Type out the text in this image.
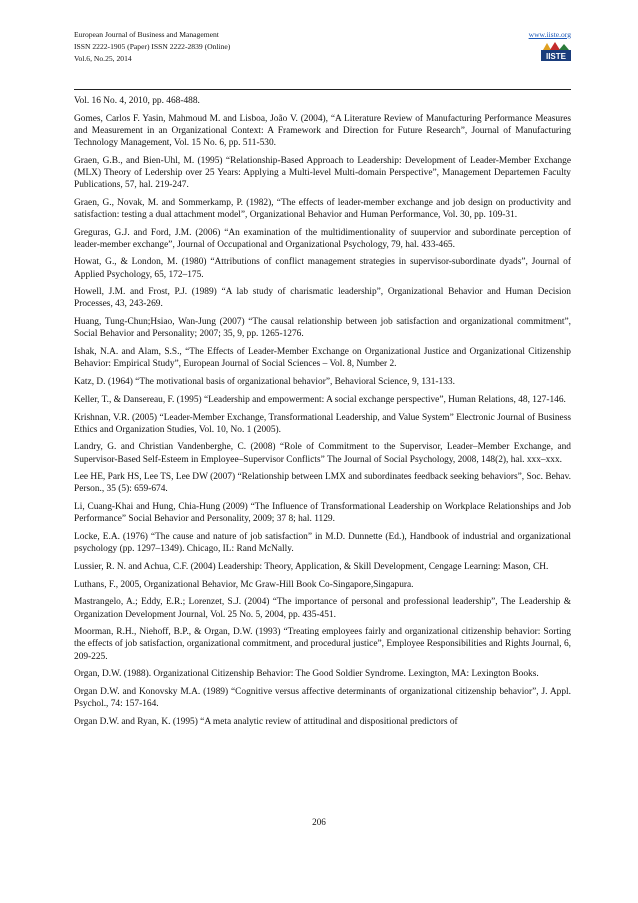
European Journal of Business and Management
ISSN 2222-1905 (Paper) ISSN 2222-2839 (Online)
Vol.6, No.25, 2014
www.iiste.org
IISTE

Vol. 16 No. 4, 2010, pp. 468-488.

Gomes, Carlos F. Yasin, Mahmoud M. and Lisboa, João V. (2004), “A Literature Review of Manufacturing Performance Measures and Measurement in an Organizational Context: A Framework and Direction for Future Research”, Journal of Manufacturing Technology Management, Vol. 15 No. 6, pp. 511-530.

Graen, G.B., and Bien-Uhl, M. (1995) “Relationship-Based Approach to Leadership: Development of Leader-Member Exchange (MLX) Theory of Ledership over 25 Years: Applying a Multi-level Multi-domain Perspective”, Management Departemen Faculty Publications, 57, hal. 219-247.

Graen, G., Novak, M. and Sommerkamp, P. (1982), “The effects of leader-member exchange and job design on productivity and satisfaction: testing a dual attachment model”, Organizational Behavior and Human Performance, Vol. 30, pp. 109-31.

Greguras, G.J. and Ford, J.M. (2006) “An examination of the multidimentionality of suupervior and subordinate perception of leader-member exchange”, Journal of Occupational and Organizational Psychology, 79, hal. 433-465.

Howat, G., & London, M. (1980) “Attributions of conflict management strategies in supervisor-subordinate dyads”, Journal of Applied Psychology, 65, 172–175.

Howell, J.M. and Frost, P.J. (1989) “A lab study of charismatic leadership”, Organizational Behavior and Human Decision Processes, 43, 243-269.

Huang, Tung-Chun;Hsiao, Wan-Jung (2007) “The causal relationship between job satisfaction and organizational commitment”, Social Behavior and Personality; 2007; 35, 9, pp. 1265-1276.

Ishak, N.A. and Alam, S.S., “The Effects of Leader-Member Exchange on Organizational Justice and Organizational Citizenship Behavior: Empirical Study”, European Journal of Social Sciences – Vol. 8, Number 2.

Katz, D. (1964) “The motivational basis of organizational behavior”, Behavioral Science, 9, 131-133.

Keller, T., & Dansereau, F. (1995) “Leadership and empowerment: A social exchange perspective”, Human Relations, 48, 127-146.

Krishnan, V.R. (2005) “Leader-Member Exchange, Transformational Leadership, and Value System” Electronic Journal of Business Ethics and Organization Studies, Vol. 10, No. 1 (2005).

Landry, G. and Christian Vandenberghe, C. (2008) “Role of Commitment to the Supervisor, Leader–Member Exchange, and Supervisor-Based Self-Esteem in Employee–Supervisor Conflicts” The Journal of Social Psychology, 2008, 148(2), hal. xxx–xxx.

Lee HE, Park HS, Lee TS, Lee DW (2007) “Relationship between LMX and subordinates feedback seeking behaviors”, Soc. Behav. Person., 35 (5): 659-674.

Li, Cuang-Khai and Hung, Chia-Hung (2009) “The Influence of Transformational Leadership on Workplace Relationships and Job Performance” Social Behavior and Personality, 2009; 37 8; hal. 1129.

Locke, E.A. (1976) “The cause and nature of job satisfaction” in M.D. Dunnette (Ed.), Handbook of industrial and organizational psychology (pp. 1297–1349). Chicago, IL: Rand McNally.

Lussier, R. N. and Achua, C.F. (2004) Leadership: Theory, Application, & Skill Development, Cengage Learning: Mason, CH.

Luthans, F., 2005, Organizational Behavior, Mc Graw-Hill Book Co-Singapore,Singapura.

Mastrangelo, A.; Eddy, E.R.; Lorenzet, S.J. (2004) “The importance of personal and professional leadership”, The Leadership & Organization Development Journal, Vol. 25 No. 5, 2004, pp. 435-451.

Moorman, R.H., Niehoff, B.P., & Organ, D.W. (1993) “Treating employees fairly and organizational citizenship behavior: Sorting the effects of job satisfaction, organizational commitment, and procedural justice”, Employee Responsibilities and Rights Journal, 6, 209-225.

Organ, D.W. (1988). Organizational Citizenship Behavior: The Good Soldier Syndrome. Lexington, MA: Lexington Books.

Organ D.W. and Konovsky M.A. (1989) “Cognitive versus affective determinants of organizational citizenship behavior”, J. Appl. Psychol., 74: 157-164.

Organ D.W. and Ryan, K. (1995) “A meta analytic review of attitudinal and dispositional predictors of

206
